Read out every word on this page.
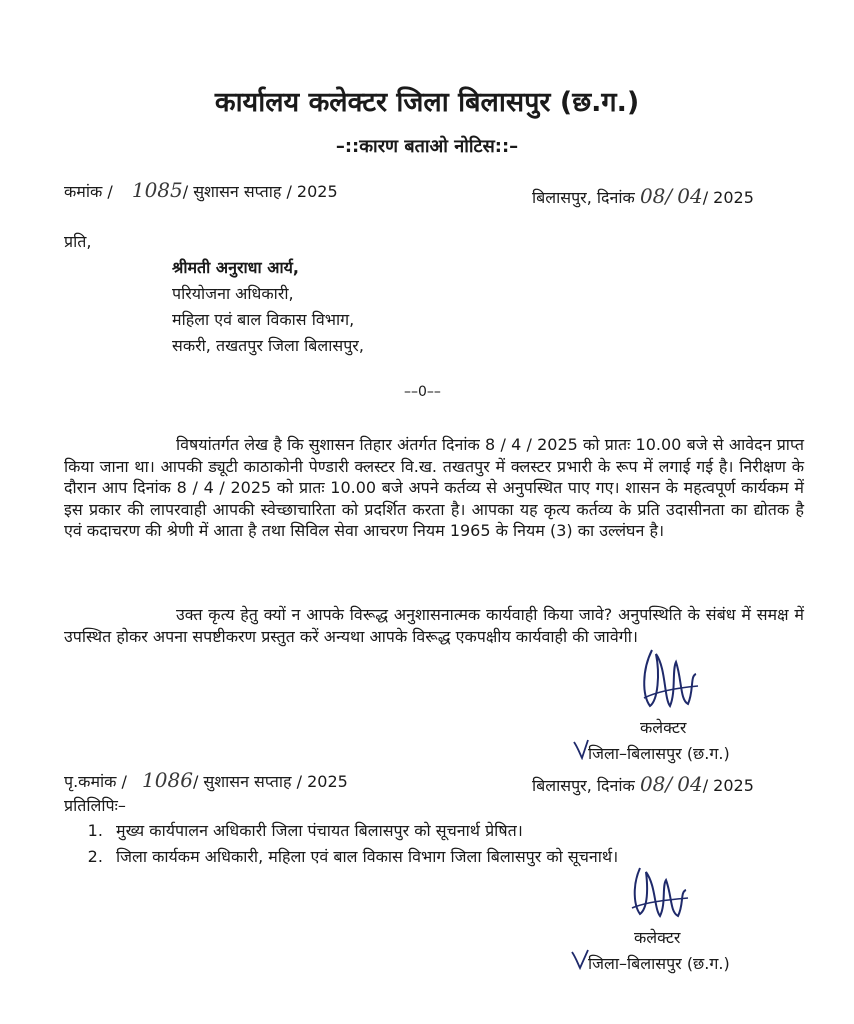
कार्यालय कलेक्टर जिला बिलासपुर (छ.ग.)
–::कारण बताओ नोटिस::–
कमांक / 1085/ सुशासन सप्ताह / 2025	बिलासपुर, दिनांक 08/ 04/ 2025
प्रति,
श्रीमती अनुराधा आर्य,
परियोजना अधिकारी,
महिला एवं बाल विकास विभाग,
सकरी, तखतपुर जिला बिलासपुर,
––0––
विषयांतर्गत लेख है कि सुशासन तिहार अंतर्गत दिनांक 8 / 4 / 2025 को प्रातः 10.00 बजे से आवेदन प्राप्त किया जाना था। आपकी ड्यूटी काठाकोनी पेण्डारी क्लस्टर वि.ख. तखतपुर में क्लस्टर प्रभारी के रूप में लगाई गई है। निरीक्षण के दौरान आप दिनांक 8 / 4 / 2025 को प्रातः 10.00 बजे अपने कर्तव्य से अनुपस्थित पाए गए। शासन के महत्वपूर्ण कार्यकम में इस प्रकार की लापरवाही आपकी स्वेच्छाचारिता को प्रदर्शित करता है। आपका यह कृत्य कर्तव्य के प्रति उदासीनता का द्योतक है एवं कदाचरण की श्रेणी में आता है तथा सिविल सेवा आचरण नियम 1965 के नियम (3) का उल्लंघन है।
उक्त कृत्य हेतु क्यों न आपके विरूद्ध अनुशासनात्मक कार्यवाही किया जावे? अनुपस्थिति के संबंध में समक्ष में उपस्थित होकर अपना सपष्टीकरण प्रस्तुत करें अन्यथा आपके विरूद्ध एकपक्षीय कार्यवाही की जावेगी।
कलेक्टर
जिला–बिलासपुर (छ.ग.)
पृ.कमांक / 1086/ सुशासन सप्ताह / 2025	बिलासपुर, दिनांक 08/ 04/ 2025
प्रतिलिपिः–
1. मुख्य कार्यपालन अधिकारी जिला पंचायत बिलासपुर को सूचनार्थ प्रेषित।
2. जिला कार्यकम अधिकारी, महिला एवं बाल विकास विभाग जिला बिलासपुर को सूचनार्थ।
कलेक्टर
जिला–बिलासपुर (छ.ग.)
